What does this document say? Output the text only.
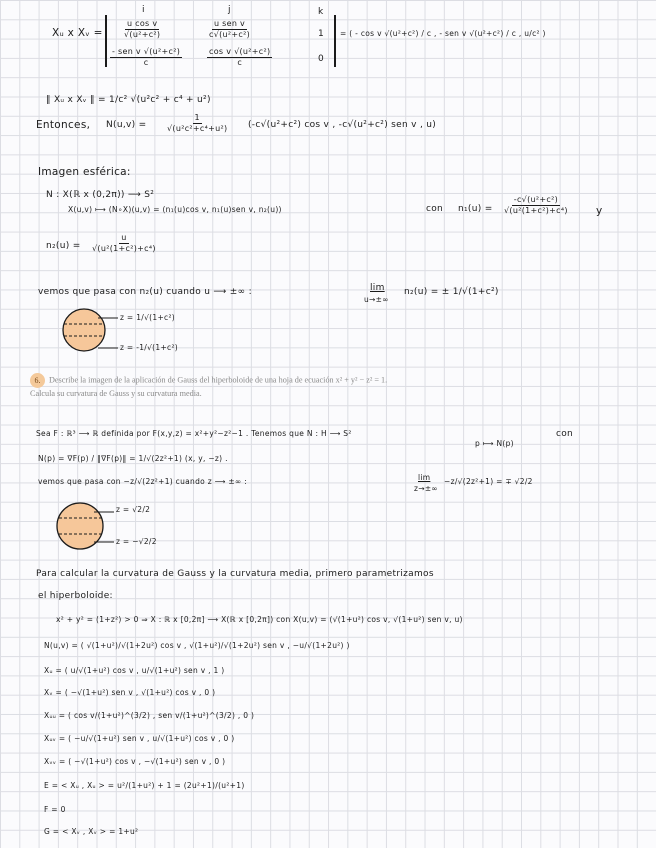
Xᵤ x Xᵥ =
i	j	k
$\frac{\text{u cos v}}{\text{√(u²+c²)}}$	$\frac{\text{u sen v}}{\text{c√(u²+c²)}}$	1
$\frac{\text{- sen v √(u²+c²)}}{c}$	$\frac{\text{cos v √(u²+c²)}}{c}$	0
= ( - cos v √(u²+c²) / c , - sen v √(u²+c²) / c , u/c² )
‖ Xᵤ x Xᵥ ‖ = 1/c² √(u²c² + c⁴ + u²)
Entonces, $N(u,v) = \frac{1}{\text{√(u²c²+c⁴+u²)}} (-c√(u^2+c^2)$ cos v , -c√(u²+c²) sen v , u)
Imagen esférica:
N : X(ℝ x (0,2π)) ⟶ S²
X(u,v) ⟼ (N∘X)(u,v) = (n₁(u)cos v, n₁(u)sen v, n₂(u))	con $n_1(u) = \frac{\text{-c√(u²+c²)}}{\text{√(u²(1+c²)+c⁴)}}$ y
$n_2(u) = \frac{u}{\text{√(u²(1+c²)+c⁴)}}$
vemos que pasa con n₂(u) cuando u ⟶ ±∞ :	lim
u→±∞
n₂(u) = ± 1/√(1+c²)
z = 1/√(1+c²)
z = -1/√(1+c²)
6. Describe la imagen de la aplicación de Gauss del hiperboloide de una hoja de ecuación x² + y² − z² = 1. Calcula su curvatura de Gauss y su curvatura media.
Sea F : ℝ³ ⟶ ℝ definida por F(x,y,z) = x²+y²−z²−1 . Tenemos que N : H ⟶ S²
p ⟼ N(p)
con
N(p) = ∇F(p) / ‖∇F(p)‖ = 1/√(2z²+1) (x, y, −z) .
vemos que pasa con −z/√(2z²+1) cuando z ⟶ ±∞ :	lim
z→±∞
−z/√(2z²+1) = ∓ √2/2
z = √2/2
z = −√2/2
Para calcular la curvatura de Gauss y la curvatura media, primero parametrizamos
el hiperboloide:
x² + y² = (1+z²) > 0 ⇒ X : ℝ x [0,2π] ⟶ X(ℝ x [0,2π]) con X(u,v) = (√(1+u²) cos v, √(1+u²) sen v, u)
N(u,v) = ( √(1+u²)/√(1+2u²) cos v , √(1+u²)/√(1+2u²) sen v , −u/√(1+2u²) )
Xᵤ = ( u/√(1+u²) cos v , u/√(1+u²) sen v , 1 )
Xᵥ = ( −√(1+u²) sen v , √(1+u²) cos v , 0 )
Xᵤᵤ = ( cos v/(1+u²)^(3/2) , sen v/(1+u²)^(3/2) , 0 )
Xᵤᵥ = ( −u/√(1+u²) sen v , u/√(1+u²) cos v , 0 )
Xᵥᵥ = ( −√(1+u²) cos v , −√(1+u²) sen v , 0 )
E = < Xᵤ , Xᵤ > = u²/(1+u²) + 1 = (2u²+1)/(u²+1)
F = 0
G = < Xᵥ , Xᵥ > = 1+u²
